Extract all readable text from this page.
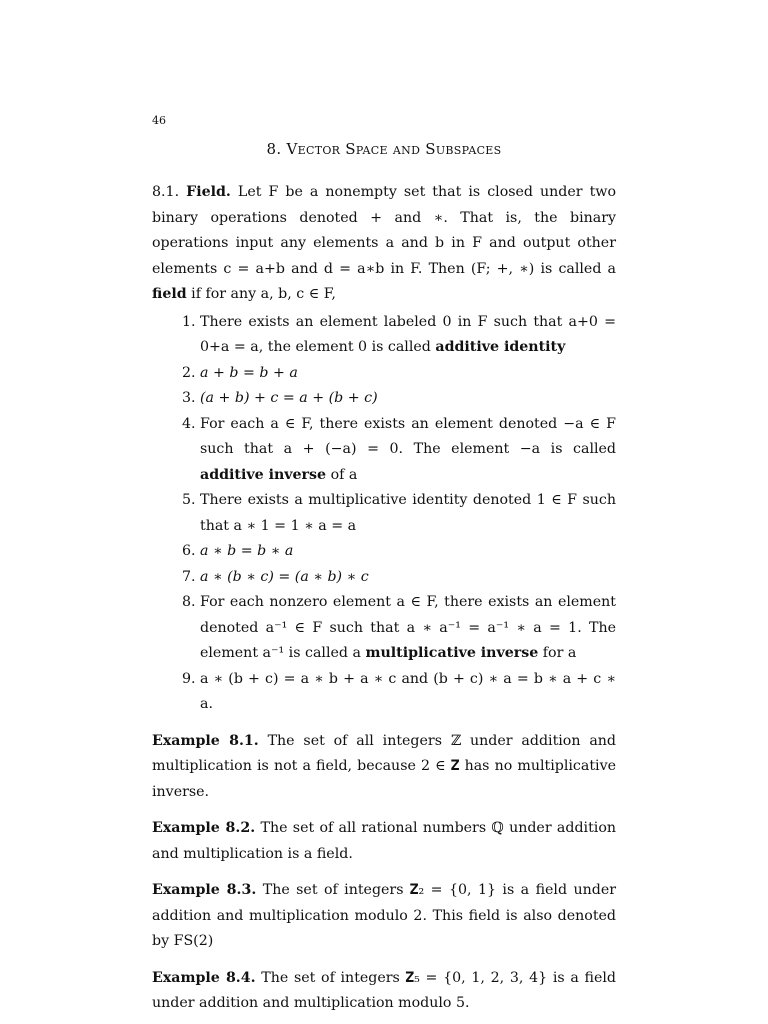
46
8. Vector Space and Subspaces

8.1. Field. Let F be a nonempty set that is closed under two binary operations denoted + and ∗. That is, the binary operations input any elements a and b in F and output other elements c = a+b and d = a∗b in F. Then (F; +, ∗) is called a field if for any a, b, c ∈ F,

1. There exists an element labeled 0 in F such that a+0 = 0+a = a, the element 0 is called additive identity
2. a + b = b + a
3. (a + b) + c = a + (b + c)
4. For each a ∈ F, there exists an element denoted −a ∈ F such that a + (−a) = 0. The element −a is called additive inverse of a
5. There exists a multiplicative identity denoted 1 ∈ F such that a ∗ 1 = 1 ∗ a = a
6. a ∗ b = b ∗ a
7. a ∗ (b ∗ c) = (a ∗ b) ∗ c
8. For each nonzero element a ∈ F, there exists an element denoted a⁻¹ ∈ F such that a ∗ a⁻¹ = a⁻¹ ∗ a = 1. The element a⁻¹ is called a multiplicative inverse for a
9. a ∗ (b + c) = a ∗ b + a ∗ c and (b + c) ∗ a = b ∗ a + c ∗ a.

Example 8.1. The set of all integers ℤ under addition and multiplication is not a field, because 2 ∈ 𝐙 has no multiplicative inverse.

Example 8.2. The set of all rational numbers ℚ under addition and multiplication is a field.

Example 8.3. The set of integers 𝐙₂ = {0, 1} is a field under addition and multiplication modulo 2. This field is also denoted by FS(2)

Example 8.4. The set of integers 𝐙₅ = {0, 1, 2, 3, 4} is a field under addition and multiplication modulo 5.
